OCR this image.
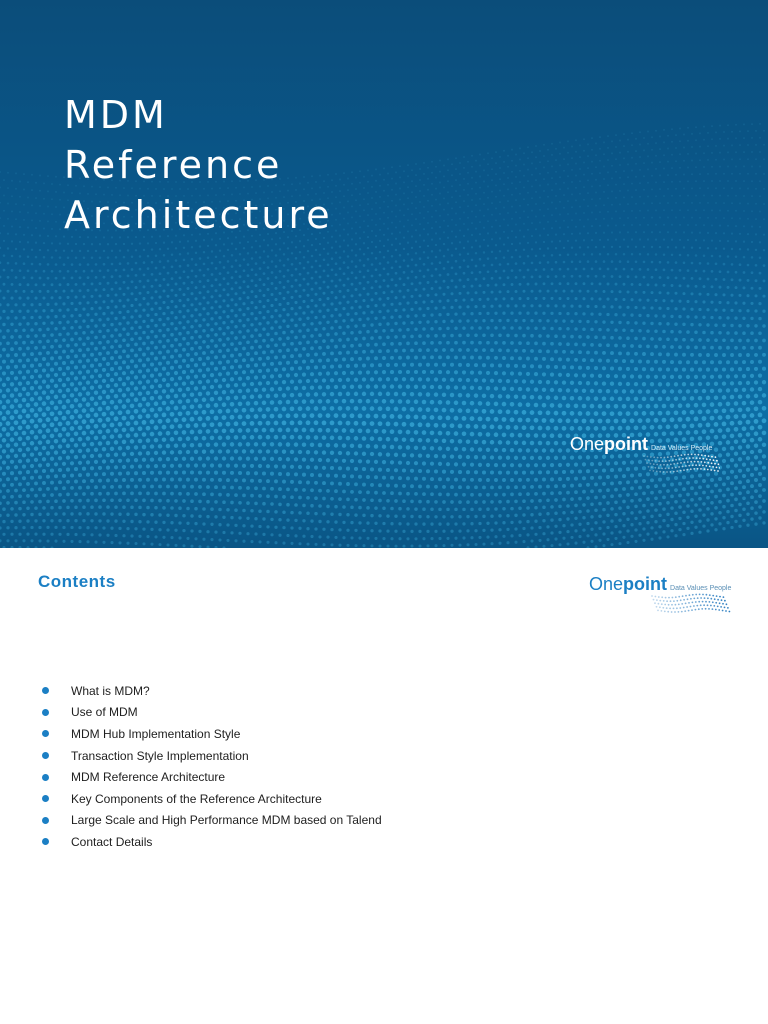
MDM
Reference
Architecture
One point Data Values People
Contents	One point Data Values People
What is MDM?
Use of MDM
MDM Hub Implementation Style
Transaction Style Implementation
MDM Reference Architecture
Key Components of the Reference Architecture
Large Scale and High Performance MDM based on Talend
Contact Details
